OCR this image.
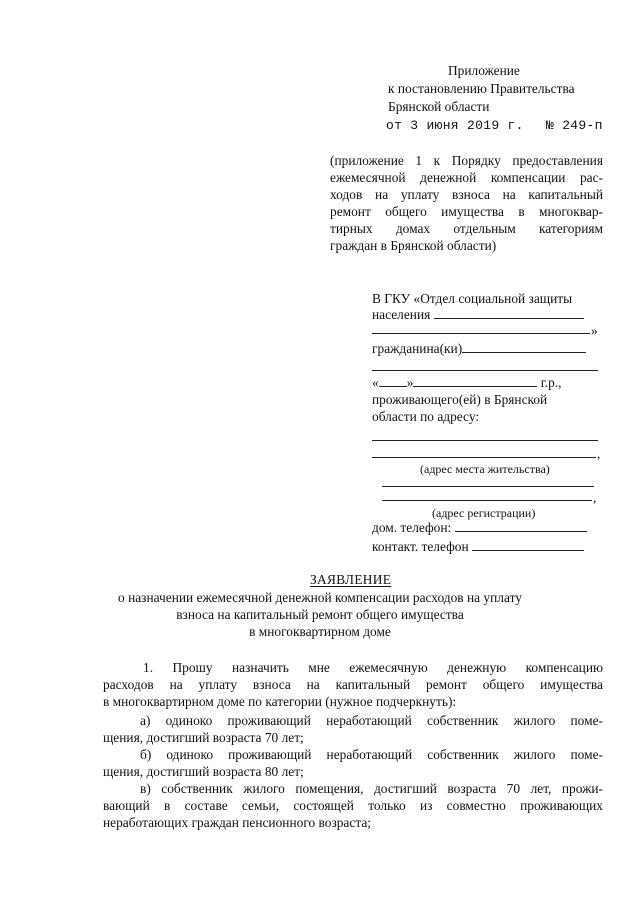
Приложение
к постановлению Правительства
Брянской области
от 3 июня 2019 г. № 249-п
(приложение 1 к Порядку предоставления
ежемесячной денежной компенсации рас-
ходов на уплату взноса на капитальный
ремонт общего имущества в многоквар-
тирных домах отдельным категориям
граждан в Брянской области)
В ГКУ «Отдел социальной защиты
населения
»
гражданина(ки)
« »	г.р.,
проживающего(ей) в Брянской
области по адресу:
,
(адрес места жительства)
,
(адрес регистрации)
дом. телефон:
контакт. телефон
ЗАЯВЛЕНИЕ
о назначении ежемесячной денежной компенсации расходов на уплату
взноса на капитальный ремонт общего имущества
в многоквартирном доме
1. Прошу назначить мне ежемесячную денежную компенсацию
расходов на уплату взноса на капитальный ремонт общего имущества
в многоквартирном доме по категории (нужное подчеркнуть):
а) одиноко проживающий неработающий собственник жилого поме-
щения, достигший возраста 70 лет;
б) одиноко проживающий неработающий собственник жилого поме-
щения, достигший возраста 80 лет;
в) собственник жилого помещения, достигший возраста 70 лет, прожи-
вающий в составе семьи, состоящей только из совместно проживающих
неработающих граждан пенсионного возраста;
